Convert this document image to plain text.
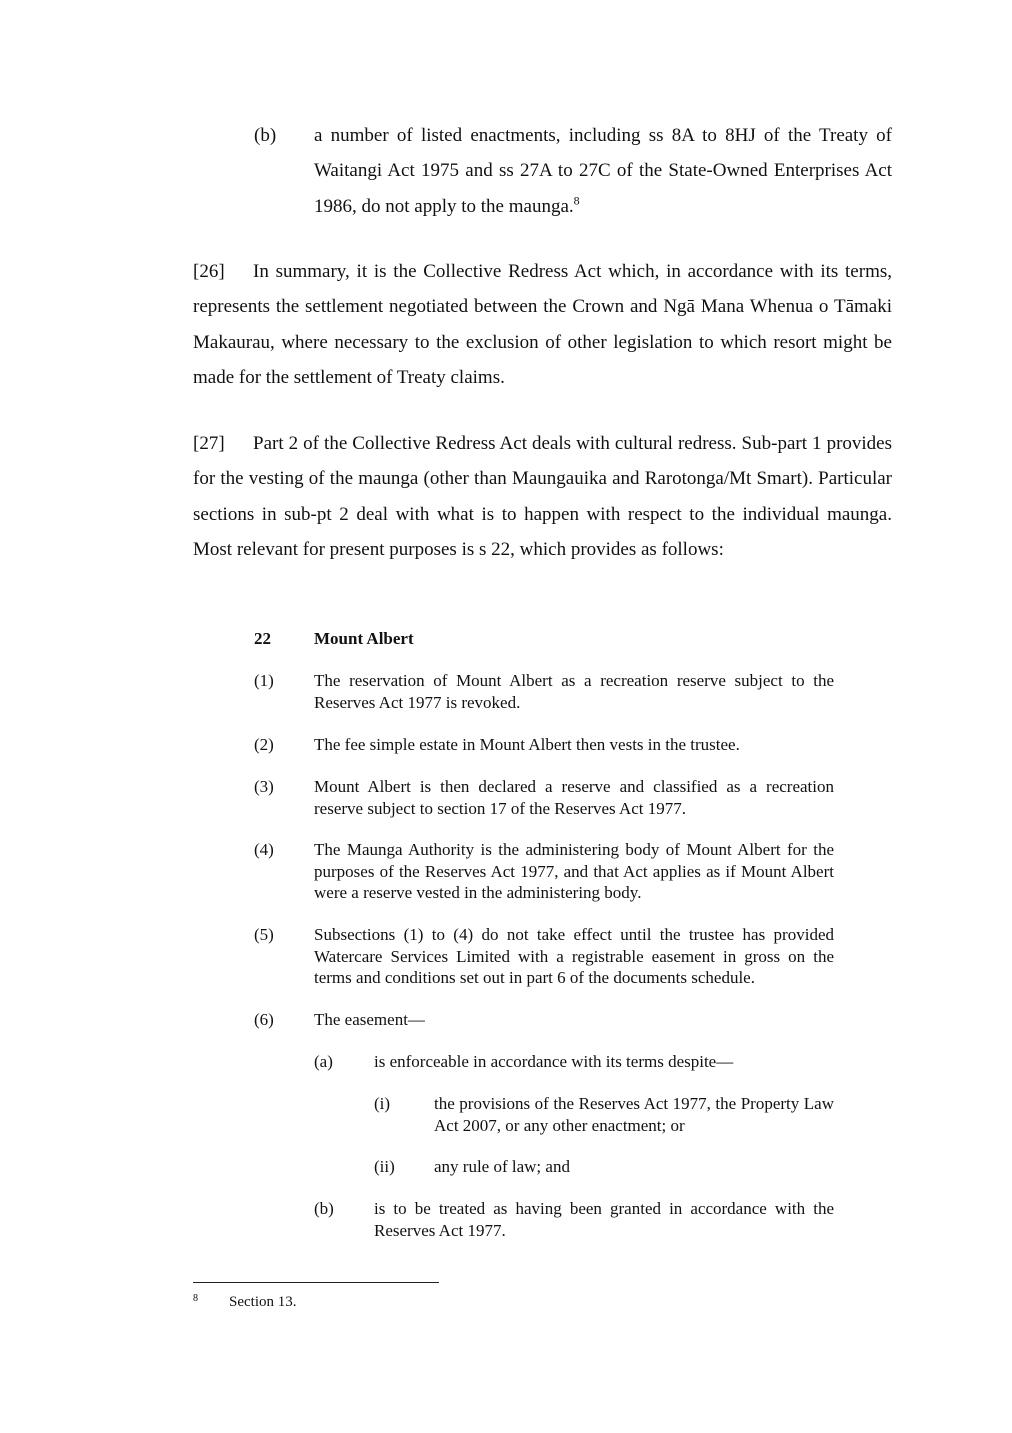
(b) a number of listed enactments, including ss 8A to 8HJ of the Treaty of Waitangi Act 1975 and ss 27A to 27C of the State-Owned Enterprises Act 1986, do not apply to the maunga.$^8$
[26] In summary, it is the Collective Redress Act which, in accordance with its terms, represents the settlement negotiated between the Crown and Ngā Mana Whenua o Tāmaki Makaurau, where necessary to the exclusion of other legislation to which resort might be made for the settlement of Treaty claims.
[27] Part 2 of the Collective Redress Act deals with cultural redress. Sub-part 1 provides for the vesting of the maunga (other than Maungauika and Rarotonga/Mt Smart). Particular sections in sub-pt 2 deal with what is to happen with respect to the individual maunga. Most relevant for present purposes is s 22, which provides as follows:
22	Mount Albert
(1) The reservation of Mount Albert as a recreation reserve subject to the Reserves Act 1977 is revoked.
(2) The fee simple estate in Mount Albert then vests in the trustee.
(3) Mount Albert is then declared a reserve and classified as a recreation reserve subject to section 17 of the Reserves Act 1977.
(4) The Maunga Authority is the administering body of Mount Albert for the purposes of the Reserves Act 1977, and that Act applies as if Mount Albert were a reserve vested in the administering body.
(5) Subsections (1) to (4) do not take effect until the trustee has provided Watercare Services Limited with a registrable easement in gross on the terms and conditions set out in part 6 of the documents schedule.
(6) The easement—
(a) is enforceable in accordance with its terms despite—
(i)	the provisions of the Reserves Act 1977, the Property Law Act 2007, or any other enactment; or
(ii) any rule of law; and
(b) is to be treated as having been granted in accordance with the Reserves Act 1977.
8 Section 13.
